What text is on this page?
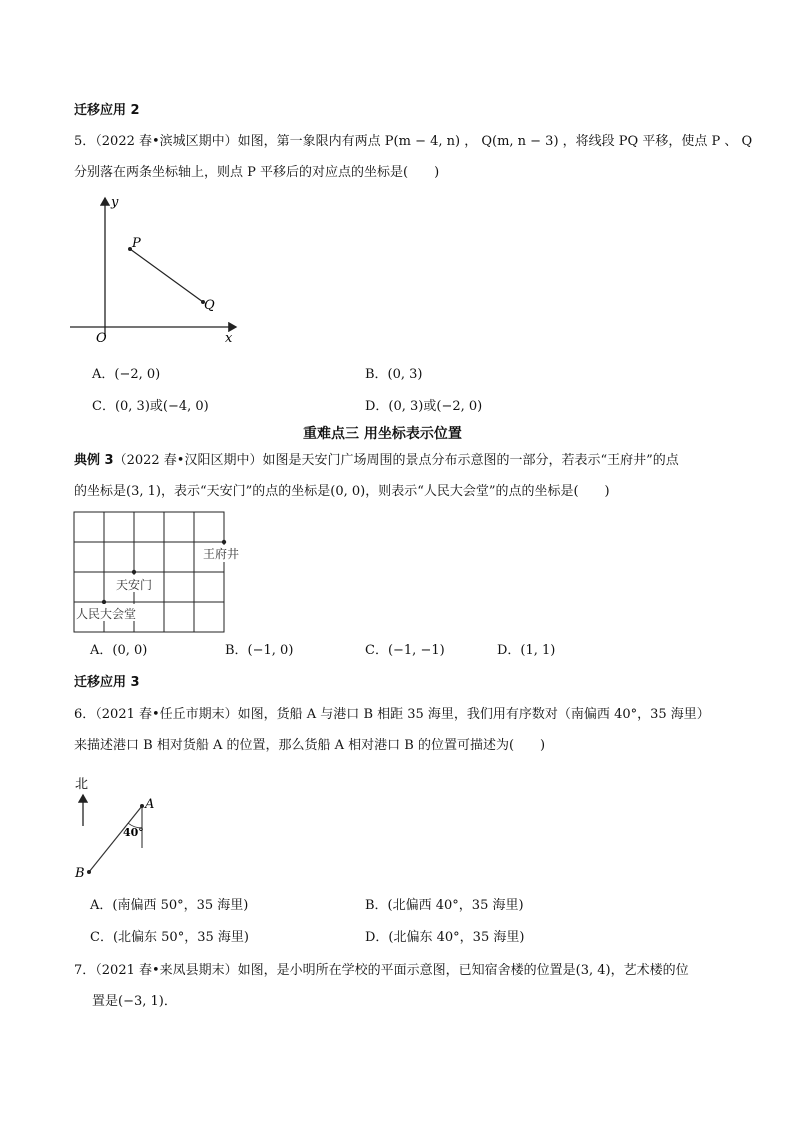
迁移应用 2
5．（2022 春•滨城区期中）如图，第一象限内有两点 P(m − 4, n) ， Q(m, n − 3) ，将线段 PQ 平移，使点 P 、 Q
分别落在两条坐标轴上，则点 P 平移后的对应点的坐标是(　　)
y
x
O
P
Q
A．(−2, 0)	B．(0, 3)
C．(0, 3)或(−4, 0)	D．(0, 3)或(−2, 0)
重难点三 用坐标表示位置
典例 3（2022 春•汉阳区期中）如图是天安门广场周围的景点分布示意图的一部分，若表示“王府井”的点
的坐标是(3, 1)，表示“天安门”的点的坐标是(0, 0)，则表示“人民大会堂”的点的坐标是(　　)
王府井
天安门
人民大会堂
A．(0, 0)	B．(−1, 0)	C．(−1, −1)	D．(1, 1)
迁移应用 3
6．（2021 春•任丘市期末）如图，货船 A 与港口 B 相距 35 海里，我们用有序数对（南偏西 40°，35 海里）
来描述港口 B 相对货船 A 的位置，那么货船 A 相对港口 B 的位置可描述为(　　)
北
A
B
40°
A．(南偏西 50°，35 海里)	B．(北偏西 40°，35 海里)
C．(北偏东 50°，35 海里)	D．(北偏东 40°，35 海里)
7．（2021 春•来凤县期末）如图，是小明所在学校的平面示意图，已知宿舍楼的位置是(3, 4)，艺术楼的位
置是(−3, 1)．
